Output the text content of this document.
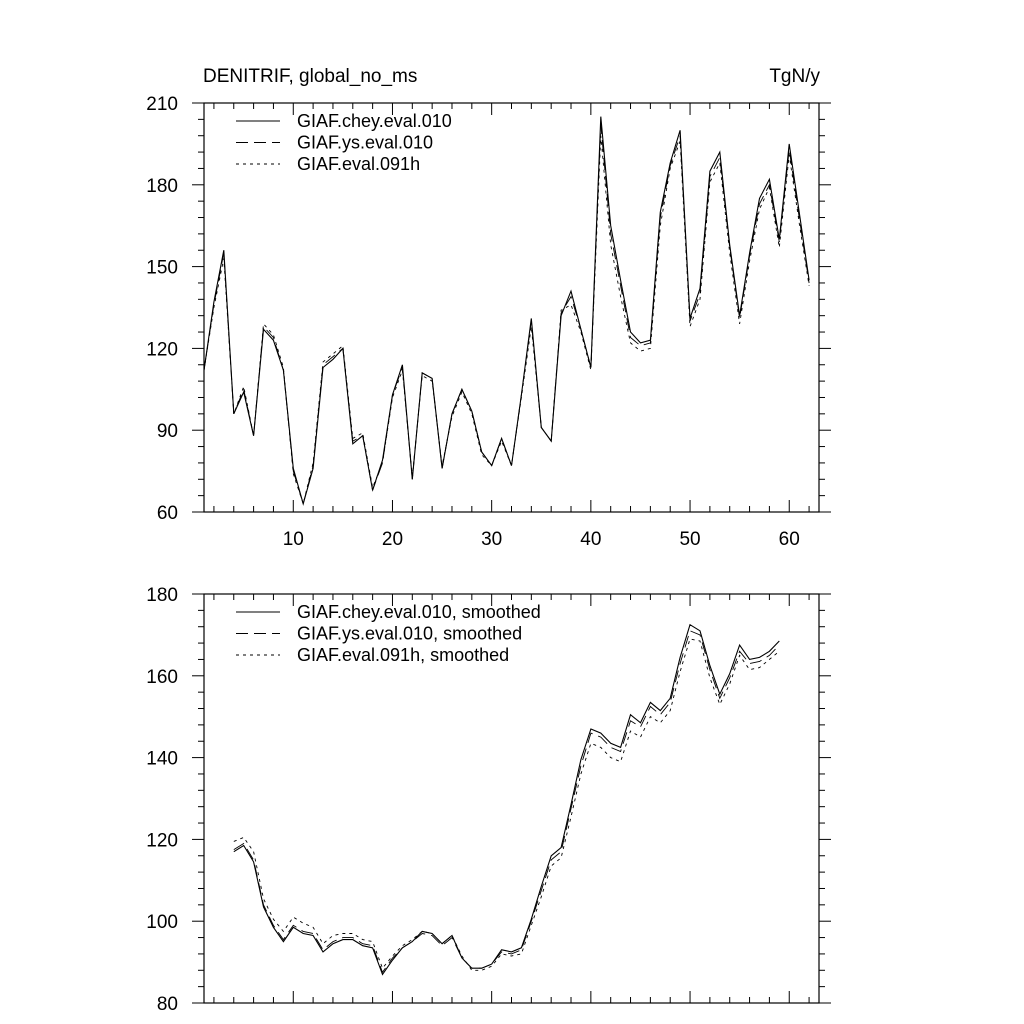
DENITRIF, global_no_ms	TgN/y
10	20	30	40	50	60
60
90
120
150
180
210
GIAF.chey.eval.010
GIAF.ys.eval.010
GIAF.eval.091h
80
100
120
140
160
180
GIAF.chey.eval.010, smoothed
GIAF.ys.eval.010, smoothed
GIAF.eval.091h, smoothed
